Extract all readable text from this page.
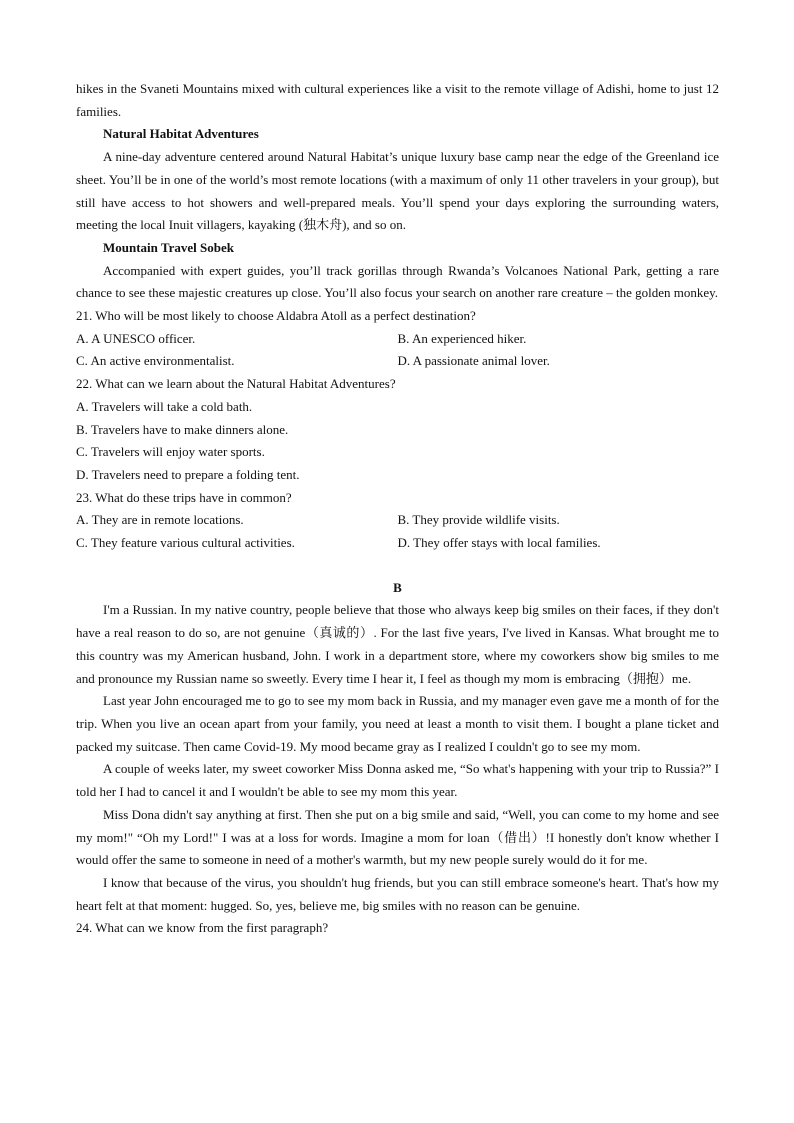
hikes in the Svaneti Mountains mixed with cultural experiences like a visit to the remote village of Adishi, home to just 12 families.

Natural Habitat Adventures

A nine-day adventure centered around Natural Habitat’s unique luxury base camp near the edge of the Greenland ice sheet. You’ll be in one of the world’s most remote locations (with a maximum of only 11 other travelers in your group), but still have access to hot showers and well-prepared meals. You’ll spend your days exploring the surrounding waters, meeting the local Inuit villagers, kayaking (独木舟), and so on.

Mountain Travel Sobek

Accompanied with expert guides, you’ll track gorillas through Rwanda’s Volcanoes National Park, getting a rare chance to see these majestic creatures up close. You’ll also focus your search on another rare creature – the golden monkey.

21. Who will be most likely to choose Aldabra Atoll as a perfect destination?
A. A UNESCO officer.	B. An experienced hiker.
C. An active environmentalist.	D. A passionate animal lover.
22. What can we learn about the Natural Habitat Adventures?
A. Travelers will take a cold bath.
B. Travelers have to make dinners alone.
C. Travelers will enjoy water sports.
D. Travelers need to prepare a folding tent.
23. What do these trips have in common?
A. They are in remote locations.	B. They provide wildlife visits.
C. They feature various cultural activities.	D. They offer stays with local families.
B

I'm a Russian. In my native country, people believe that those who always keep big smiles on their faces, if they don't have a real reason to do so, are not genuine（真诚的）. For the last five years, I've lived in Kansas. What brought me to this country was my American husband, John. I work in a department store, where my coworkers show big smiles to me and pronounce my Russian name so sweetly. Every time I hear it, I feel as though my mom is embracing（拥抱）me.

Last year John encouraged me to go to see my mom back in Russia, and my manager even gave me a month of for the trip. When you live an ocean apart from your family, you need at least a month to visit them. I bought a plane ticket and packed my suitcase. Then came Covid-19. My mood became gray as I realized I couldn't go to see my mom.

A couple of weeks later, my sweet coworker Miss Donna asked me, “So what's happening with your trip to Russia?” I told her I had to cancel it and I wouldn't be able to see my mom this year.

Miss Dona didn't say anything at first. Then she put on a big smile and said, “Well, you can come to my home and see my mom!" “Oh my Lord!" I was at a loss for words. Imagine a mom for loan（借出）!I honestly don't know whether I would offer the same to someone in need of a mother's warmth, but my new people surely would do it for me.

I know that because of the virus, you shouldn't hug friends, but you can still embrace someone's heart. That's how my heart felt at that moment: hugged. So, yes, believe me, big smiles with no reason can be genuine.

24. What can we know from the first paragraph?
